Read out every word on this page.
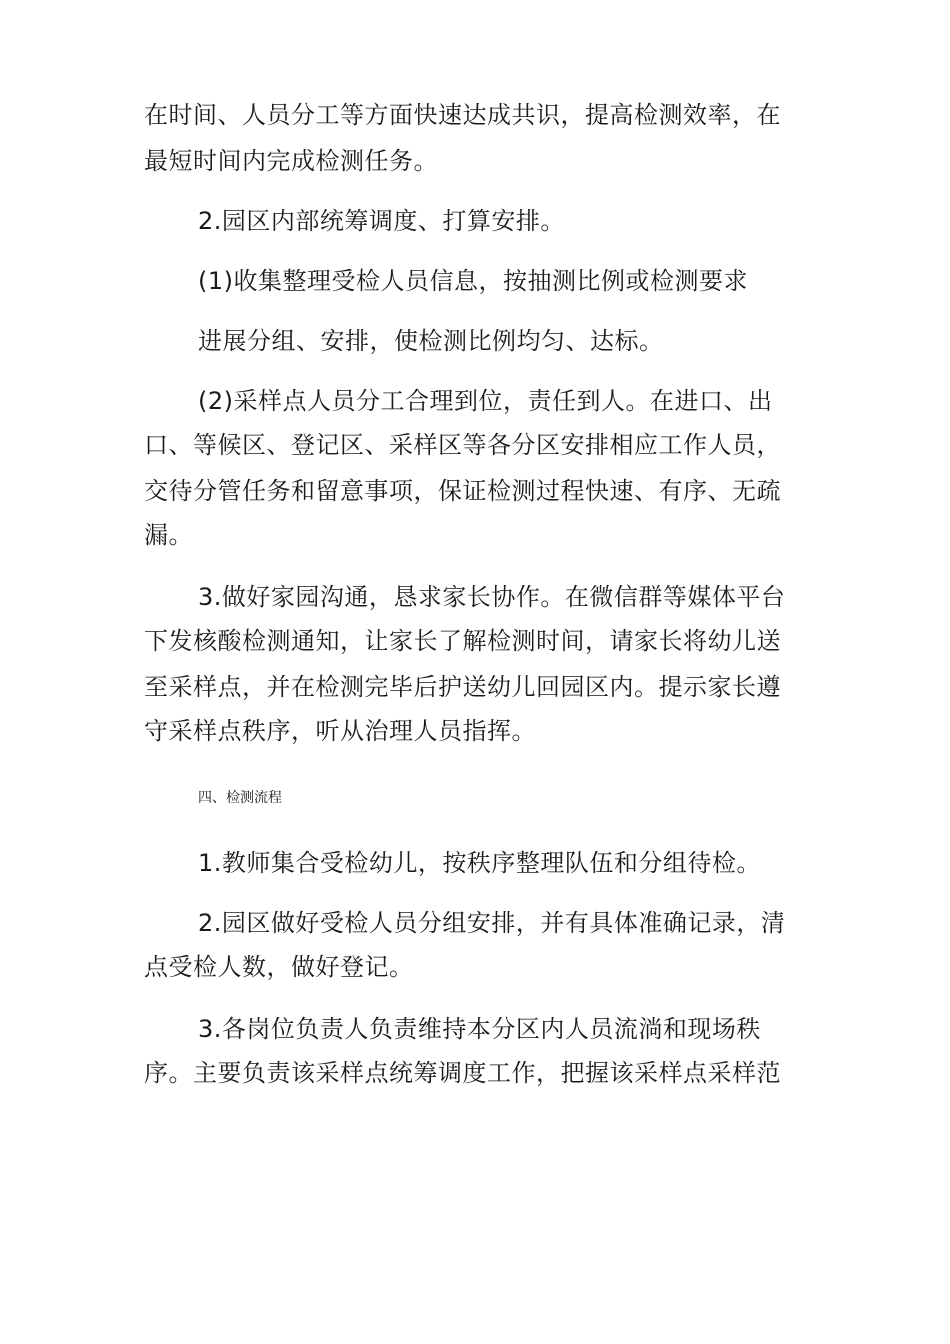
在时间、人员分工等方面快速达成共识，提高检测效率，在
最短时间内完成检测任务。
2.园区内部统筹调度、打算安排。
(1)收集整理受检人员信息，按抽测比例或检测要求
进展分组、安排，使检测比例均匀、达标。
(2)采样点人员分工合理到位，责任到人。在进口、出
口、等候区、登记区、采样区等各分区安排相应工作人员，
交待分管任务和留意事项，保证检测过程快速、有序、无疏
漏。
3.做好家园沟通，恳求家长协作。在微信群等媒体平台
下发核酸检测通知，让家长了解检测时间，请家长将幼儿送
至采样点，并在检测完毕后护送幼儿回园区内。提示家长遵
守采样点秩序，听从治理人员指挥。
四、检测流程
1.教师集合受检幼儿，按秩序整理队伍和分组待检。
2.园区做好受检人员分组安排，并有具体准确记录，清
点受检人数，做好登记。
3.各岗位负责人负责维持本分区内人员流淌和现场秩
序。主要负责该采样点统筹调度工作，把握该采样点采样范
